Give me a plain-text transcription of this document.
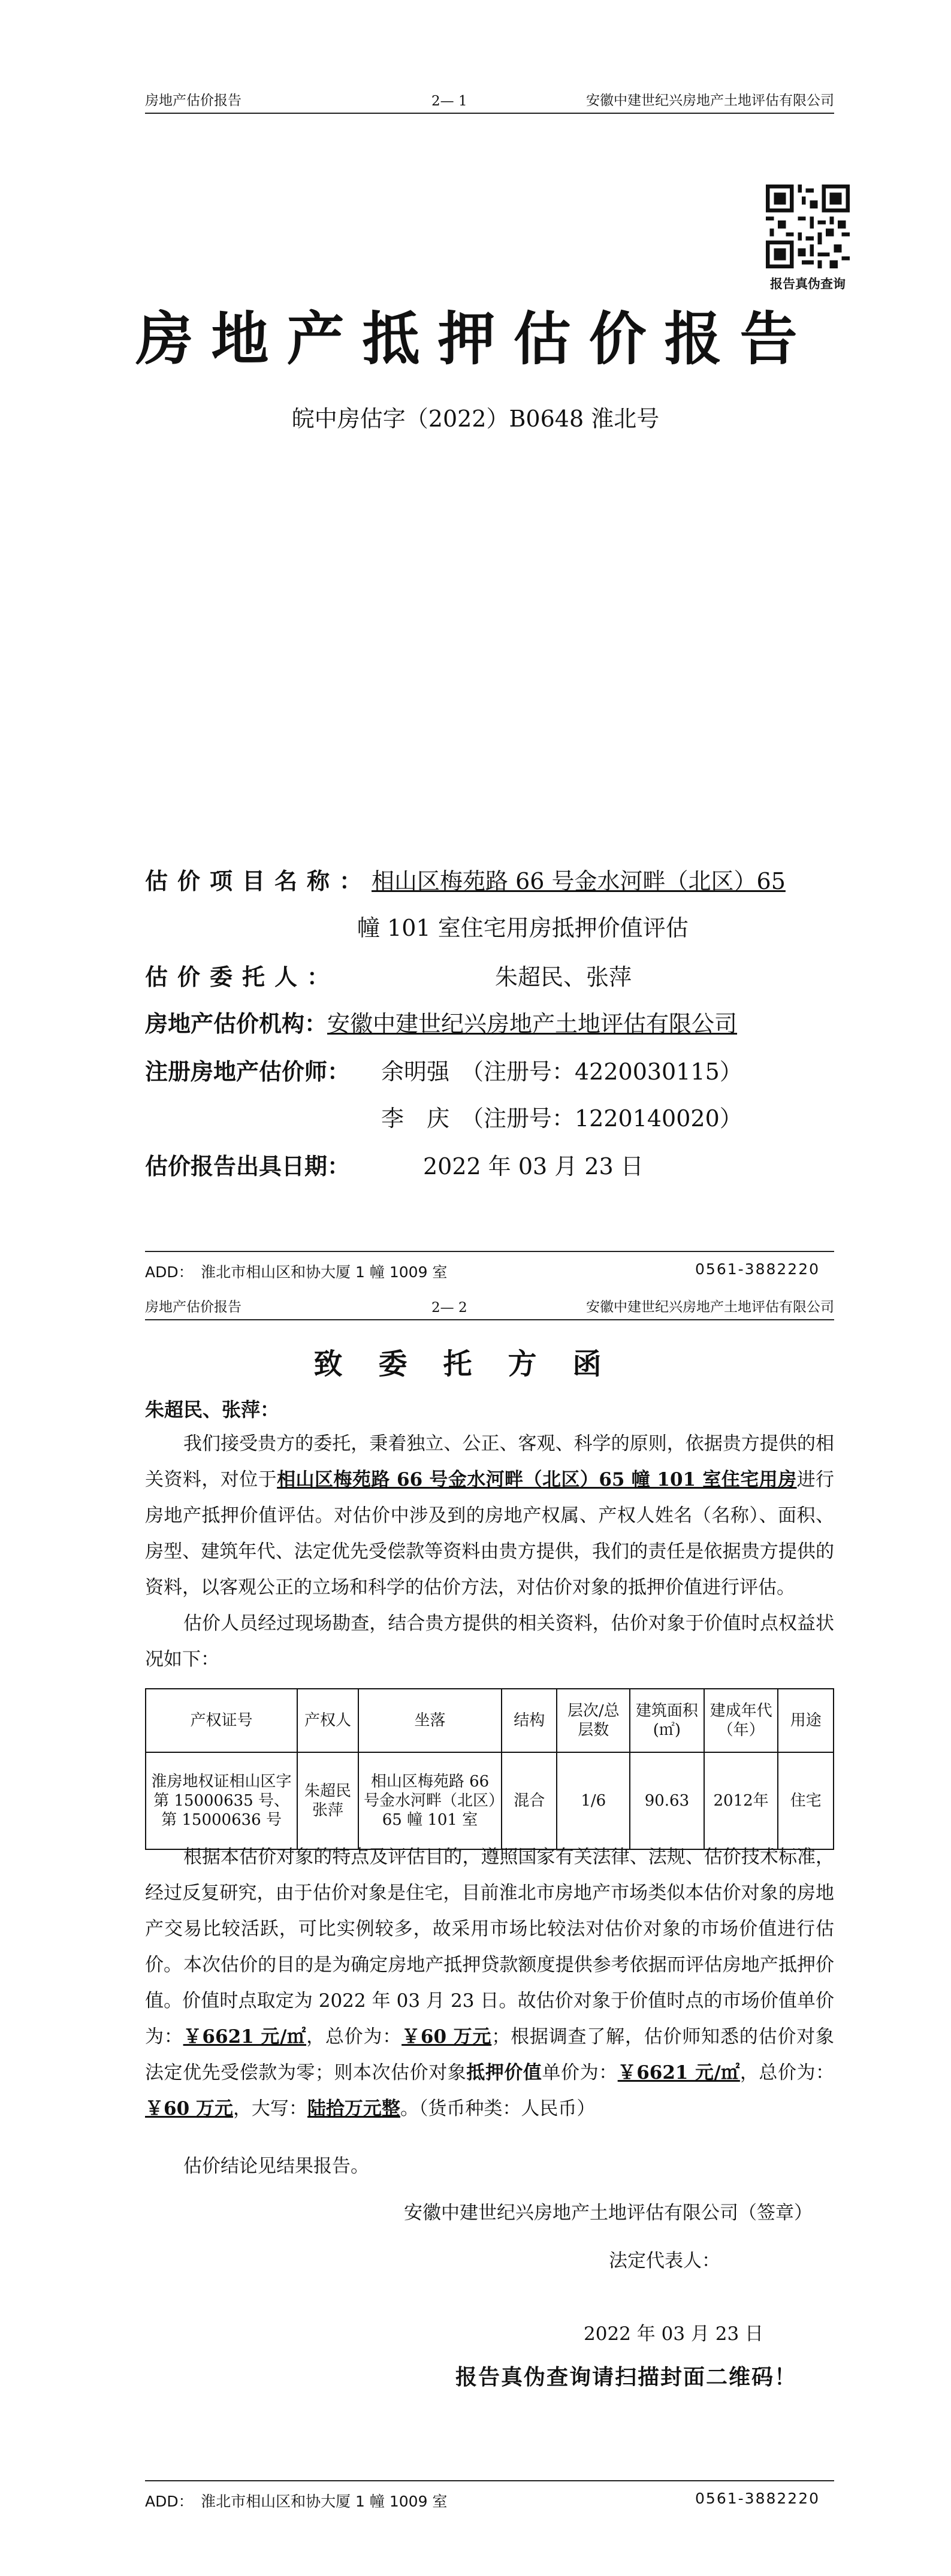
房地产估价报告	2— 1	安徽中建世纪兴房地产土地评估有限公司
报告真伪查询
房地产抵押估价报告
皖中房估字（2022）B0648 淮北号
估价项目名称：相山区梅苑路 66 号金水河畔（北区）65
幢 101 室住宅用房抵押价值评估
估价委托人：	朱超民、张萍
房地产估价机构：安徽中建世纪兴房地产土地评估有限公司
注册房地产估价师： 余明强　（注册号：4220030115）
李　庆　（注册号：1220140020）
估价报告出具日期：	2022 年 03 月 23 日
ADD：　淮北市相山区和协大厦 1 幢 1009 室	0561-3882220
房地产估价报告	2— 2	安徽中建世纪兴房地产土地评估有限公司
致委托方函
朱超民、张萍：

我们接受贵方的委托，秉着独立、公正、客观、科学的原则，依据贵方提供的相关资料，对位于相山区梅苑路 66 号金水河畔（北区）65 幢 101 室住宅用房进行房地产抵押价值评估。对估价中涉及到的房地产权属、产权人姓名（名称）、面积、房型、建筑年代、法定优先受偿款等资料由贵方提供，我们的责任是依据贵方提供的资料，以客观公正的立场和科学的估价方法，对估价对象的抵押价值进行评估。

估价人员经过现场勘查，结合贵方提供的相关资料，估价对象于价值时点权益状况如下：

产权证号	产权人	坐落	结构	层次/总层数	建筑面积(㎡)	建成年代（年）	用途
淮房地权证相山区字第 15000635 号、第 15000636 号	朱超民 张萍	相山区梅苑路 66 号金水河畔（北区）65 幢 101 室	混合	1/6	90.63	2012年	住宅

根据本估价对象的特点及评估目的，遵照国家有关法律、法规、估价技术标准，经过反复研究，由于估价对象是住宅，目前淮北市房地产市场类似本估价对象的房地产交易比较活跃，可比实例较多，故采用市场比较法对估价对象的市场价值进行估价。 本次估价的目的是为确定房地产抵押贷款额度提供参考依据而评估房地产抵押价值。价值时点取定为 2022 年 03 月 23 日。故估价对象于价值时点的市场价值单价为：￥6621 元/㎡，总价为：￥60 万元；根据调查了解，估价师知悉的估价对象法定优先受偿款为零；则本次估价对象抵押价值单价为：￥6621 元/㎡，总价为：￥60 万元，大写：陆拾万元整。（货币种类：人民币）

估价结论见结果报告。

安徽中建世纪兴房地产土地评估有限公司（签章）
法定代表人：
2022 年 03 月 23 日
报告真伪查询请扫描封面二维码！
ADD：　淮北市相山区和协大厦 1 幢 1009 室	0561-3882220
